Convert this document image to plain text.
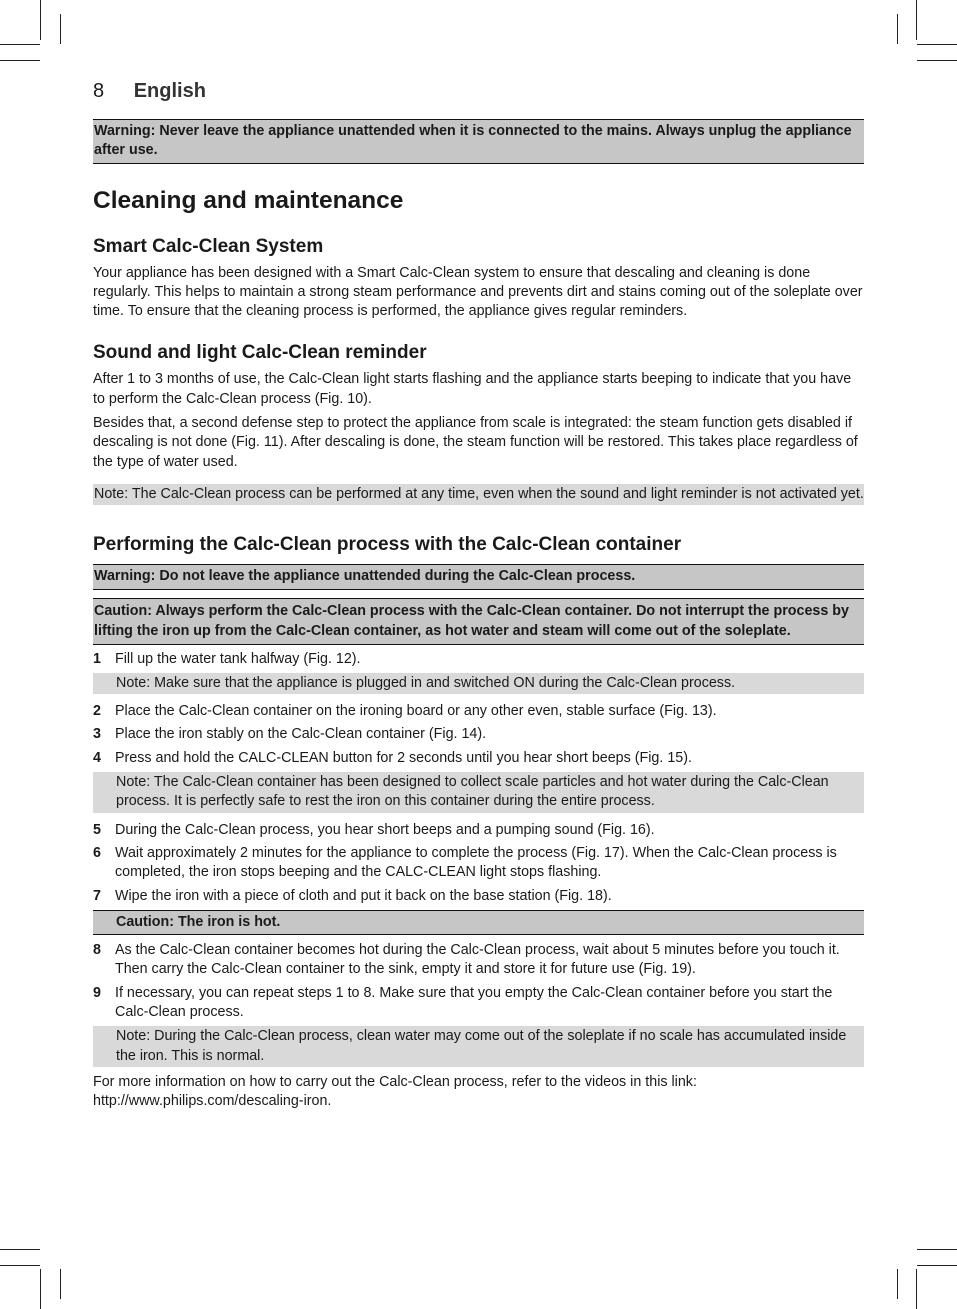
8 English
Warning: Never leave the appliance unattended when it is connected to the mains. Always unplug the appliance after use.
Cleaning and maintenance
Smart Calc-Clean System

Your appliance has been designed with a Smart Calc-Clean system to ensure that descaling and cleaning is done regularly. This helps to maintain a strong steam performance and prevents dirt and stains coming out of the soleplate over time. To ensure that the cleaning process is performed, the appliance gives regular reminders.

Sound and light Calc-Clean reminder

After 1 to 3 months of use, the Calc-Clean light starts flashing and the appliance starts beeping to indicate that you have to perform the Calc-Clean process (Fig. 10).

Besides that, a second defense step to protect the appliance from scale is integrated: the steam function gets disabled if descaling is not done (Fig. 11). After descaling is done, the steam function will be restored. This takes place regardless of the type of water used.

Note: The Calc-Clean process can be performed at any time, even when the sound and light reminder is not activated yet.
Performing the Calc-Clean process with the Calc-Clean container
Warning: Do not leave the appliance unattended during the Calc-Clean process.
Caution: Always perform the Calc-Clean process with the Calc-Clean container. Do not interrupt the process by lifting the iron up from the Calc-Clean container, as hot water and steam will come out of the soleplate.
1 Fill up the water tank halfway (Fig. 12).
Note: Make sure that the appliance is plugged in and switched ON during the Calc-Clean process.
2 Place the Calc-Clean container on the ironing board or any other even, stable surface (Fig. 13).
3 Place the iron stably on the Calc-Clean container (Fig. 14).
4 Press and hold the CALC-CLEAN button for 2 seconds until you hear short beeps (Fig. 15).
Note: The Calc-Clean container has been designed to collect scale particles and hot water during the Calc-Clean process. It is perfectly safe to rest the iron on this container during the entire process.
5 During the Calc-Clean process, you hear short beeps and a pumping sound (Fig. 16).
6 Wait approximately 2 minutes for the appliance to complete the process (Fig. 17). When the Calc-Clean process is completed, the iron stops beeping and the CALC-CLEAN light stops flashing.
7 Wipe the iron with a piece of cloth and put it back on the base station (Fig. 18).
Caution: The iron is hot.
8 As the Calc-Clean container becomes hot during the Calc-Clean process, wait about 5 minutes before you touch it. Then carry the Calc-Clean container to the sink, empty it and store it for future use (Fig. 19).
9 If necessary, you can repeat steps 1 to 8. Make sure that you empty the Calc-Clean container before you start the Calc-Clean process.
Note: During the Calc-Clean process, clean water may come out of the soleplate if no scale has accumulated inside the iron. This is normal.
For more information on how to carry out the Calc-Clean process, refer to the videos in this link:
http://www.philips.com/descaling-iron.
